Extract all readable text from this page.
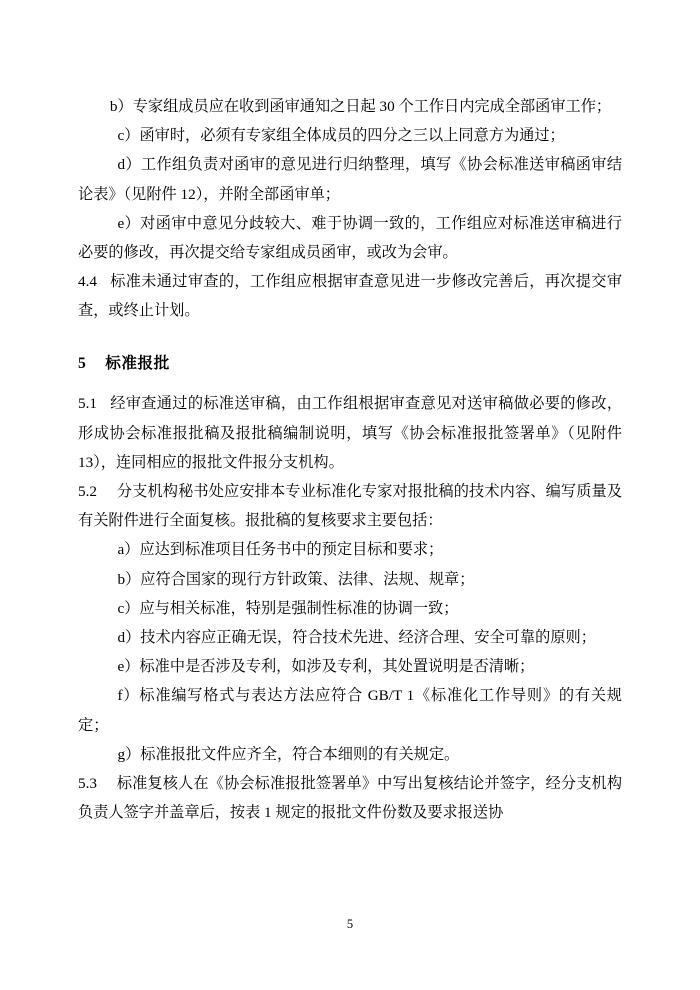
b）专家组成员应在收到函审通知之日起 30 个工作日内完成全部函审工作；

c）函审时，必须有专家组全体成员的四分之三以上同意方为通过；

d）工作组负责对函审的意见进行归纳整理，填写《协会标准送审稿函审结论表》（见附件 12），并附全部函审单；

e）对函审中意见分歧较大、难于协调一致的，工作组应对标准送审稿进行必要的修改，再次提交给专家组成员函审，或改为会审。

4.4 标准未通过审查的，工作组应根据审查意见进一步修改完善后，再次提交审查，或终止计划。

5 标准报批

5.1 经审查通过的标准送审稿，由工作组根据审查意见对送审稿做必要的修改，形成协会标准报批稿及报批稿编制说明，填写《协会标准报批签署单》（见附件 13），连同相应的报批文件报分支机构。

5.2 分支机构秘书处应安排本专业标准化专家对报批稿的技术内容、编写质量及有关附件进行全面复核。报批稿的复核要求主要包括：

a）应达到标准项目任务书中的预定目标和要求；

b）应符合国家的现行方针政策、法律、法规、规章；

c）应与相关标准，特别是强制性标准的协调一致；

d）技术内容应正确无误，符合技术先进、经济合理、安全可靠的原则；

e）标准中是否涉及专利，如涉及专利，其处置说明是否清晰；

f）标准编写格式与表达方法应符合 GB/T 1《标准化工作导则》的有关规定；

g）标准报批文件应齐全，符合本细则的有关规定。

5.3 标准复核人在《协会标准报批签署单》中写出复核结论并签字，经分支机构负责人签字并盖章后，按表 1 规定的报批文件份数及要求报送协

5
